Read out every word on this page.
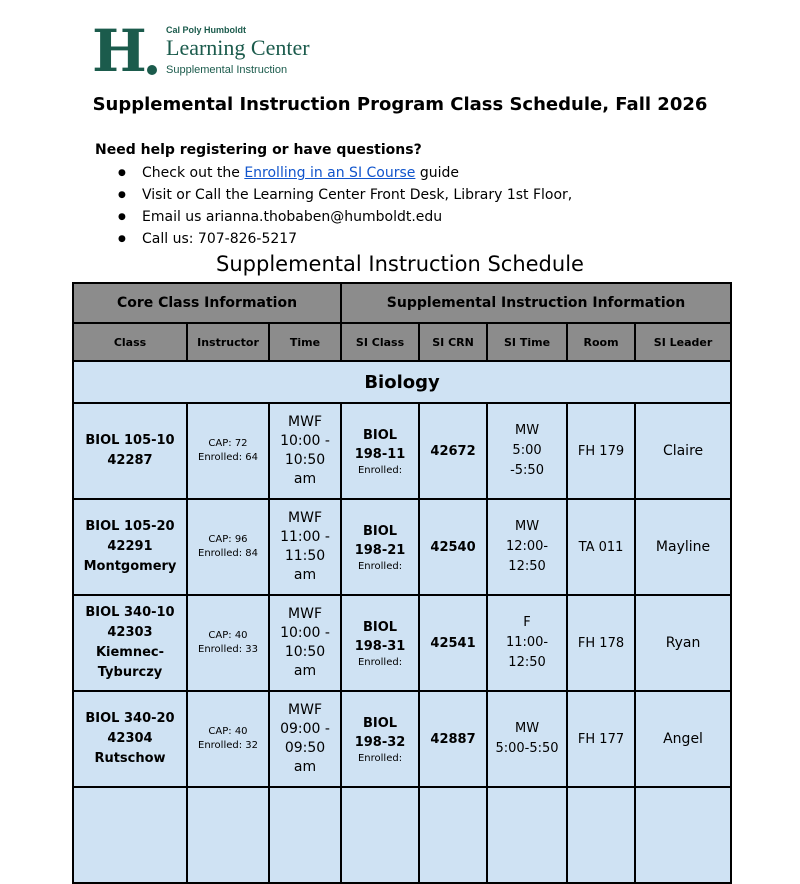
H Cal Poly Humboldt
Learning Center
Supplemental Instruction
Supplemental Instruction Program Class Schedule, Fall 2026
Need help registering or have questions?
● Check out the Enrolling in an SI Course guide
● Visit or Call the Learning Center Front Desk, Library 1st Floor,
● Email us arianna.thobaben@humboldt.edu
● Call us: 707-826-5217
Supplemental Instruction Schedule
Core Class Information			Supplemental Instruction Information				
Class	Instructor	Time	SI Class	SI CRN	SI Time	Room	SI Leader
Biology							

BIOL 105-10
42287	CAP: 72
Enrolled: 64	MWF
10:00 -
10:50
am	BIOL
198-11
Enrolled:	42672	MW
5:00
-5:50	FH 179	Claire

BIOL 105-20
42291
Montgomery	CAP: 96
Enrolled: 84	MWF
11:00 -
11:50
am	BIOL
198-21
Enrolled:	42540	MW
12:00-
12:50	TA 011	Mayline

BIOL 340-10
42303
Kiemnec-
Tyburczy	CAP: 40
Enrolled: 33	MWF
10:00 -
10:50
am	BIOL
198-31
Enrolled:	42541	F
11:00-
12:50	FH 178	Ryan

BIOL 340-20
42304
Rutschow	CAP: 40
Enrolled: 32	MWF
09:00 -
09:50
am	BIOL
198-32
Enrolled:	42887	MW
5:00-5:50	FH 177	Angel
